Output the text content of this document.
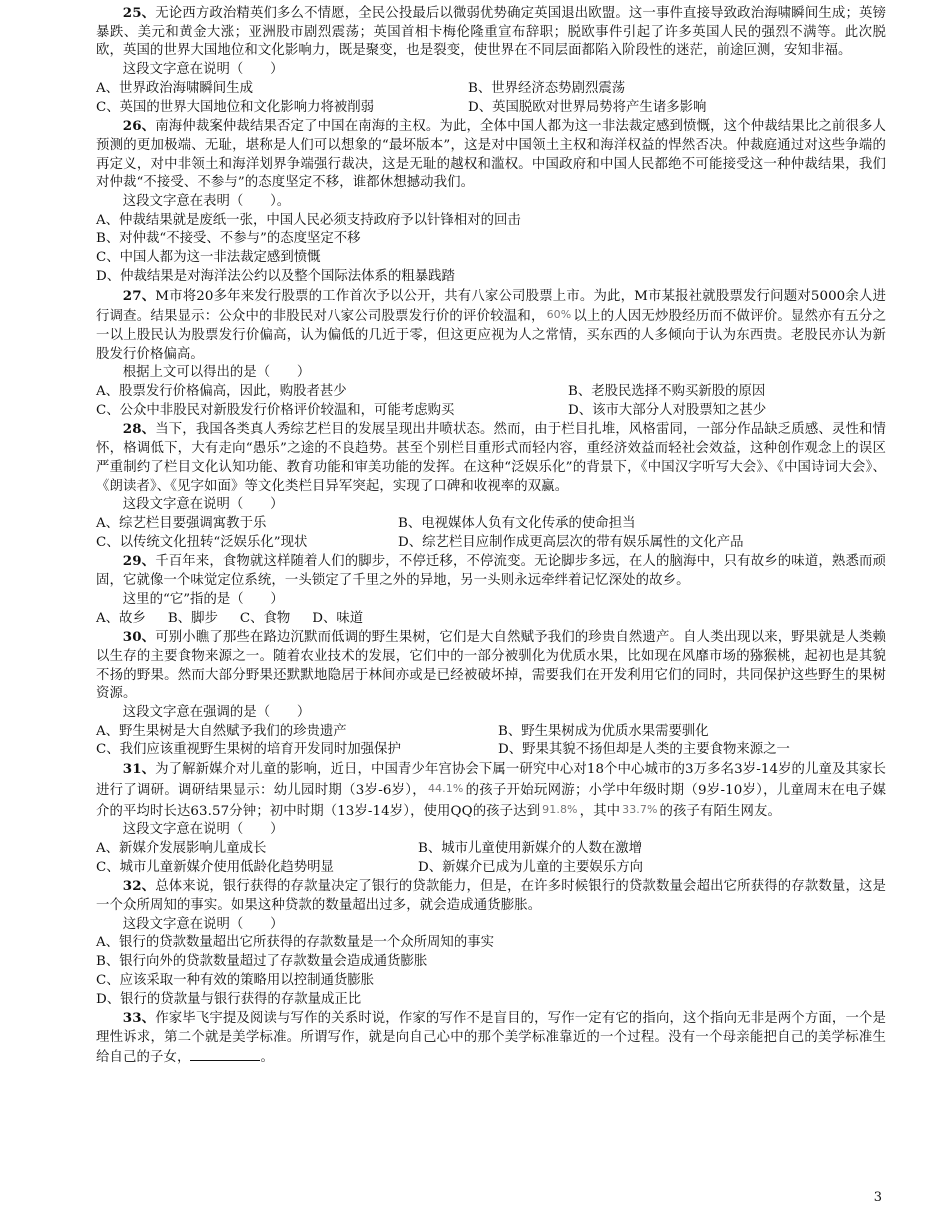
25、无论西方政治精英们多么不情愿，全民公投最后以微弱优势确定英国退出欧盟。这一事件直接导致政治海啸瞬间生成；英镑暴跌、美元和黄金大涨；亚洲股市剧烈震荡；英国首相卡梅伦隆重宣布辞职；脱欧事件引起了许多英国人民的强烈不满等。此次脱欧，英国的世界大国地位和文化影响力，既是聚变，也是裂变，使世界在不同层面都陷入阶段性的迷茫，前途叵测，安知非福。

这段文字意在说明（　　）

A、世界政治海啸瞬间生成	B、世界经济态势剧烈震荡
C、英国的世界大国地位和文化影响力将被削弱	D、英国脱欧对世界局势将产生诸多影响

26、南海仲裁案仲裁结果否定了中国在南海的主权。为此，全体中国人都为这一非法裁定感到愤慨，这个仲裁结果比之前很多人预测的更加极端、无耻，堪称是人们可以想象的“最坏版本”，这是对中国领土主权和海洋权益的悍然否决。仲裁庭通过对这些争端的再定义，对中非领土和海洋划界争端强行裁决，这是无耻的越权和滥权。中国政府和中国人民都绝不可能接受这一种仲裁结果，我们对仲裁“不接受、不参与”的态度坚定不移，谁都休想撼动我们。

这段文字意在表明（　　）。

A、仲裁结果就是废纸一张，中国人民必须支持政府予以针锋相对的回击
B、对仲裁“不接受、不参与”的态度坚定不移
C、中国人都为这一非法裁定感到愤慨
D、仲裁结果是对海洋法公约以及整个国际法体系的粗暴践踏

27、M市将20多年来发行股票的工作首次予以公开，共有八家公司股票上市。为此，M市某报社就股票发行问题对5000余人进行调查。结果显示：公众中的非股民对八家公司股票发行价的评价较温和， 60% 以上的人因无炒股经历而不做评价。显然亦有五分之一以上股民认为股票发行价偏高，认为偏低的几近于零，但这更应视为人之常情，买东西的人多倾向于认为东西贵。老股民亦认为新股发行价格偏高。

根据上文可以得出的是（　　）

A、股票发行价格偏高，因此，购股者甚少	B、老股民选择不购买新股的原因
C、公众中非股民对新股发行价格评价较温和，可能考虑购买	D、该市大部分人对股票知之甚少

28、当下，我国各类真人秀综艺栏目的发展呈现出井喷状态。然而，由于栏目扎堆，风格雷同，一部分作品缺乏质感、灵性和情怀，格调低下，大有走向“愚乐”之途的不良趋势。甚至个别栏目重形式而轻内容，重经济效益而轻社会效益，这种创作观念上的误区严重制约了栏目文化认知功能、教育功能和审美功能的发挥。在这种“泛娱乐化”的背景下，《中国汉字听写大会》、《中国诗词大会》、《朗读者》、《见字如面》等文化类栏目异军突起，实现了口碑和收视率的双赢。

这段文字意在说明（　　）

A、综艺栏目要强调寓教于乐	B、电视媒体人负有文化传承的使命担当
C、以传统文化扭转“泛娱乐化”现状	D、综艺栏目应制作成更高层次的带有娱乐属性的文化产品

29、千百年来，食物就这样随着人们的脚步，不停迁移，不停流变。无论脚步多远，在人的脑海中，只有故乡的味道，熟悉而顽固，它就像一个味觉定位系统，一头锁定了千里之外的异地，另一头则永远牵绊着记忆深处的故乡。

这里的“它”指的是（　　）

A、故乡 B、脚步 C、食物 D、味道

30、可别小瞧了那些在路边沉默而低调的野生果树，它们是大自然赋予我们的珍贵自然遗产。自人类出现以来，野果就是人类赖以生存的主要食物来源之一。随着农业技术的发展，它们中的一部分被驯化为优质水果，比如现在风靡市场的猕猴桃，起初也是其貌不扬的野果。然而大部分野果还默默地隐居于林间亦或是已经被破坏掉，需要我们在开发利用它们的同时，共同保护这些野生的果树资源。

这段文字意在强调的是（　　）

A、野生果树是大自然赋予我们的珍贵遗产	B、野生果树成为优质水果需要驯化
C、我们应该重视野生果树的培育开发同时加强保护	D、野果其貌不扬但却是人类的主要食物来源之一

31、为了解新媒介对儿童的影响，近日，中国青少年宫协会下属一研究中心对18个中心城市的3万多名3岁-14岁的儿童及其家长进行了调研。调研结果显示：幼儿园时期（3岁-6岁）， 44.1% 的孩子开始玩网游；小学中年级时期（9岁-10岁），儿童周末在电子媒介的平均时长达63.57分钟；初中时期（13岁-14岁），使用QQ的孩子达到 91.8% ，其中 33.7% 的孩子有陌生网友。

这段文字意在说明（　　）

A、新媒介发展影响儿童成长	B、城市儿童使用新媒介的人数在激增
C、城市儿童新媒介使用低龄化趋势明显	D、新媒介已成为儿童的主要娱乐方向

32、总体来说，银行获得的存款量决定了银行的贷款能力，但是，在许多时候银行的贷款数量会超出它所获得的存款数量，这是一个众所周知的事实。如果这种贷款的数量超出过多，就会造成通货膨胀。

这段文字意在说明（　　）

A、银行的贷款数量超出它所获得的存款数量是一个众所周知的事实
B、银行向外的贷款数量超过了存款数量会造成通货膨胀
C、应该采取一种有效的策略用以控制通货膨胀
D、银行的贷款量与银行获得的存款量成正比

33、作家毕飞宇提及阅读与写作的关系时说，作家的写作不是盲目的，写作一定有它的指向，这个指向无非是两个方面，一个是理性诉求，第二个就是美学标准。所谓写作，就是向自己心中的那个美学标准靠近的一个过程。没有一个母亲能把自己的美学标准生给自己的子女，	。

3
